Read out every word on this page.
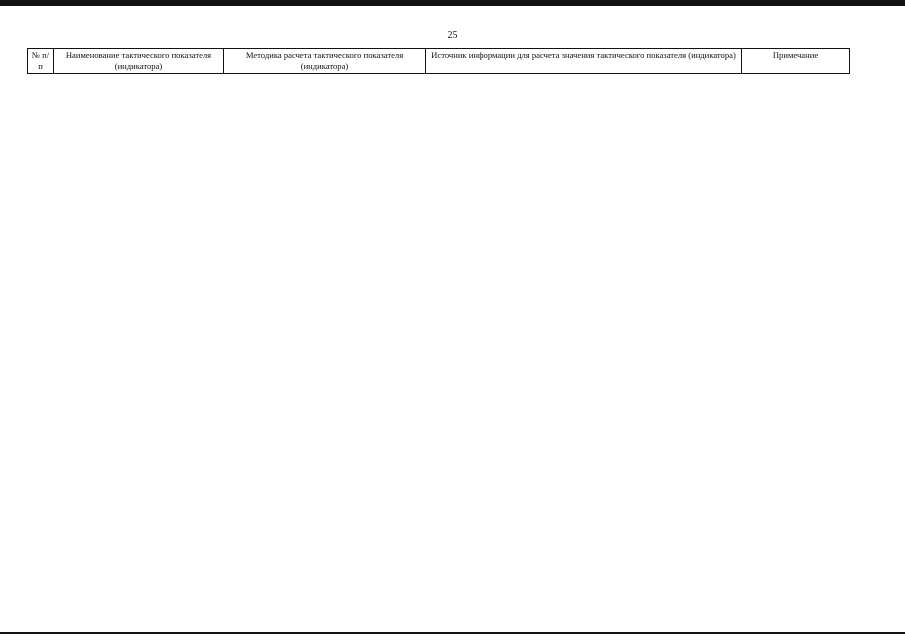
25
№ п/п	Наименование тактического показателя (индикатора)	Методика расчета тактического показателя (индикатора)	Источник информации для расчета значения тактического показателя (индикатора)	Примечание
